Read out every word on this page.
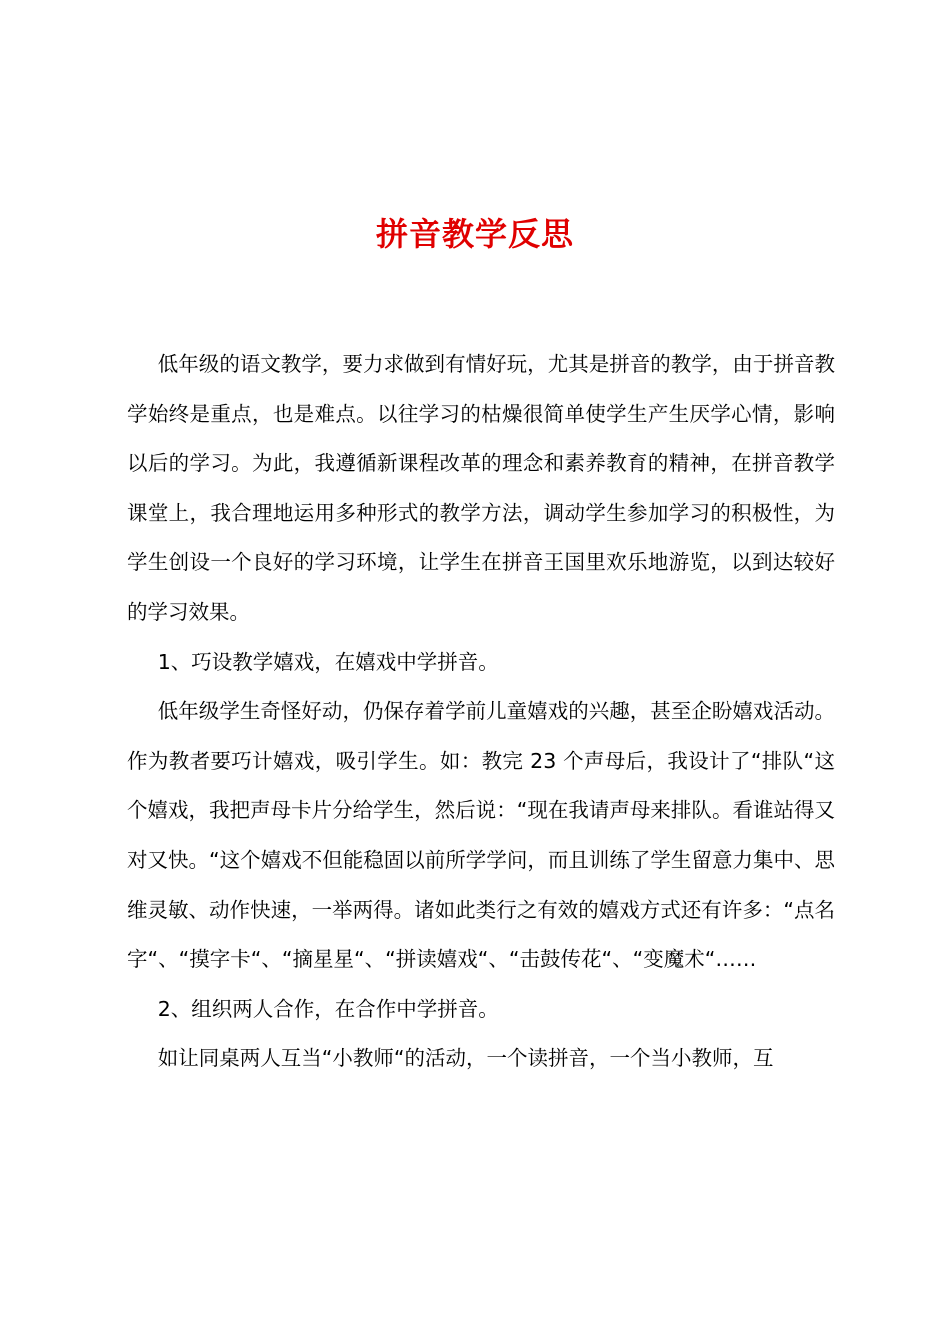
拼音教学反思

低年级的语文教学，要力求做到有情好玩，尤其是拼音的教学，由于拼音教学始终是重点，也是难点。以往学习的枯燥很简单使学生产生厌学心情，影响以后的学习。为此，我遵循新课程改革的理念和素养教育的精神，在拼音教学课堂上，我合理地运用多种形式的教学方法，调动学生参加学习的积极性，为学生创设一个良好的学习环境，让学生在拼音王国里欢乐地游览，以到达较好的学习效果。

1、巧设教学嬉戏，在嬉戏中学拼音。

低年级学生奇怪好动，仍保存着学前儿童嬉戏的兴趣，甚至企盼嬉戏活动。作为教者要巧计嬉戏，吸引学生。如：教完 23 个声母后，我设计了“排队“这个嬉戏，我把声母卡片分给学生，然后说：“现在我请声母来排队。看谁站得又对又快。“这个嬉戏不但能稳固以前所学学问，而且训练了学生留意力集中、思维灵敏、动作快速，一举两得。诸如此类行之有效的嬉戏方式还有许多：“点名字“、“摸字卡“、“摘星星“、“拼读嬉戏“、“击鼓传花“、“变魔术“……

2、组织两人合作，在合作中学拼音。

如让同桌两人互当“小教师“的活动，一个读拼音，一个当小教师，互
